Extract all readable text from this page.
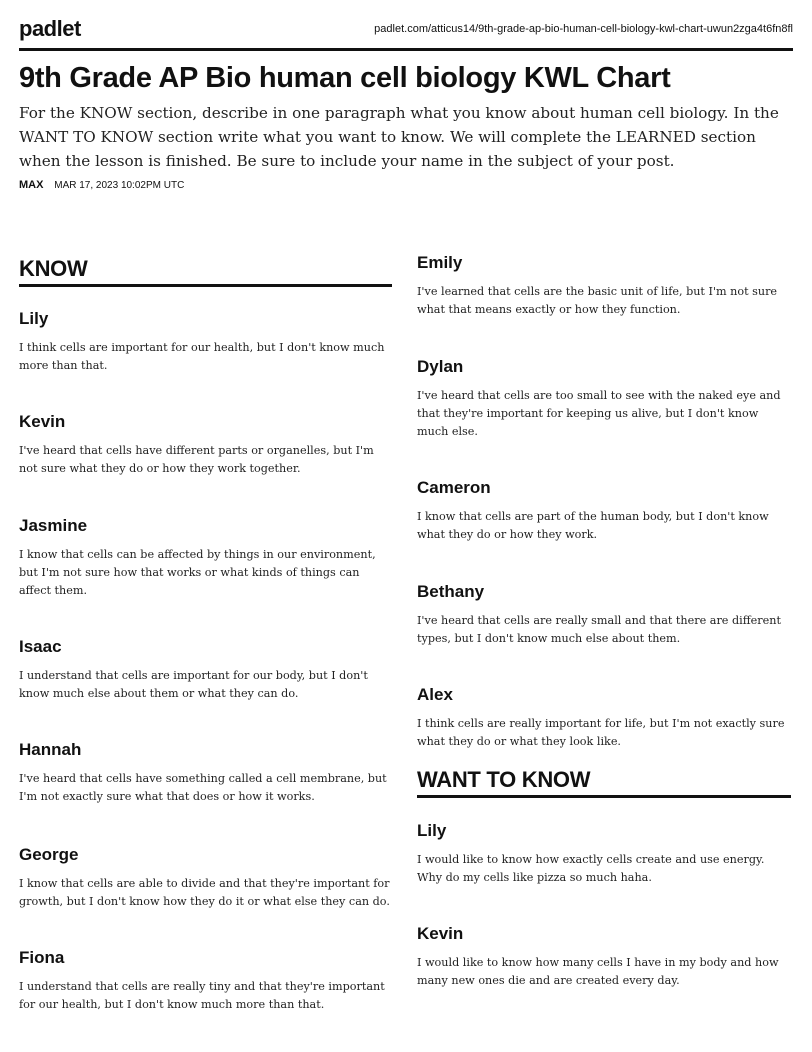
padlet	padlet.com/atticus14/9th-grade-ap-bio-human-cell-biology-kwl-chart-uwun2zga4t6fn8fl
9th Grade AP Bio human cell biology KWL Chart

For the KNOW section, describe in one paragraph what you know about human cell biology. In the WANT TO KNOW section write what you want to know. We will complete the LEARNED section when the lesson is finished. Be sure to include your name in the subject of your post.

MAX MAR 17, 2023 10:02PM UTC
KNOW
Lily

I think cells are important for our health, but I don't know much more than that.

Kevin

I've heard that cells have different parts or organelles, but I'm not sure what they do or how they work together.

Jasmine

I know that cells can be affected by things in our environment, but I'm not sure how that works or what kinds of things can affect them.

Isaac

I understand that cells are important for our body, but I don't know much else about them or what they can do.

Hannah

I've heard that cells have something called a cell membrane, but I'm not exactly sure what that does or how it works.

George

I know that cells are able to divide and that they're important for growth, but I don't know how they do it or what else they can do.

Fiona

I understand that cells are really tiny and that they're important for our health, but I don't know much more than that.

Emily

I've learned that cells are the basic unit of life, but I'm not sure what that means exactly or how they function.

Dylan

I've heard that cells are too small to see with the naked eye and that they're important for keeping us alive, but I don't know much else.

Cameron

I know that cells are part of the human body, but I don't know what they do or how they work.

Bethany

I've heard that cells are really small and that there are different types, but I don't know much else about them.

Alex

I think cells are really important for life, but I'm not exactly sure what they do or what they look like.

WANT TO KNOW
Lily

I would like to know how exactly cells create and use energy. Why do my cells like pizza so much haha.

Kevin

I would like to know how many cells I have in my body and how many new ones die and are created every day.
